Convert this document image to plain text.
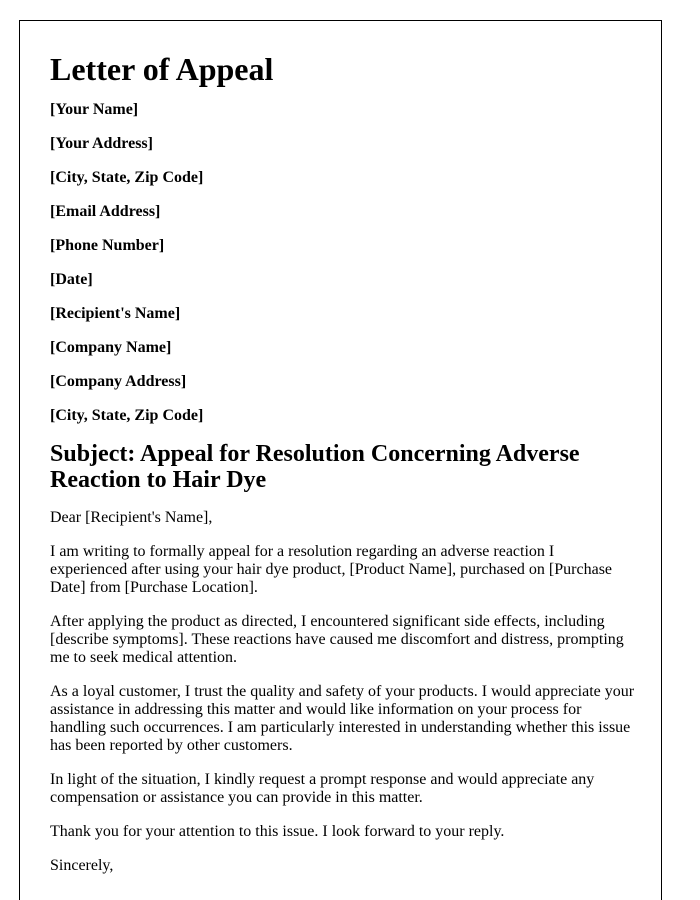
Letter of Appeal

[Your Name]

[Your Address]

[City, State, Zip Code]

[Email Address]

[Phone Number]

[Date]

[Recipient's Name]

[Company Name]

[Company Address]

[City, State, Zip Code]

Subject: Appeal for Resolution Concerning Adverse Reaction to Hair Dye

Dear [Recipient's Name],

I am writing to formally appeal for a resolution regarding an adverse reaction I experienced after using your hair dye product, [Product Name], purchased on [Purchase Date] from [Purchase Location].

After applying the product as directed, I encountered significant side effects, including [describe symptoms]. These reactions have caused me discomfort and distress, prompting me to seek medical attention.

As a loyal customer, I trust the quality and safety of your products. I would appreciate your assistance in addressing this matter and would like information on your process for handling such occurrences. I am particularly interested in understanding whether this issue has been reported by other customers.

In light of the situation, I kindly request a prompt response and would appreciate any compensation or assistance you can provide in this matter.

Thank you for your attention to this issue. I look forward to your reply.

Sincerely,
